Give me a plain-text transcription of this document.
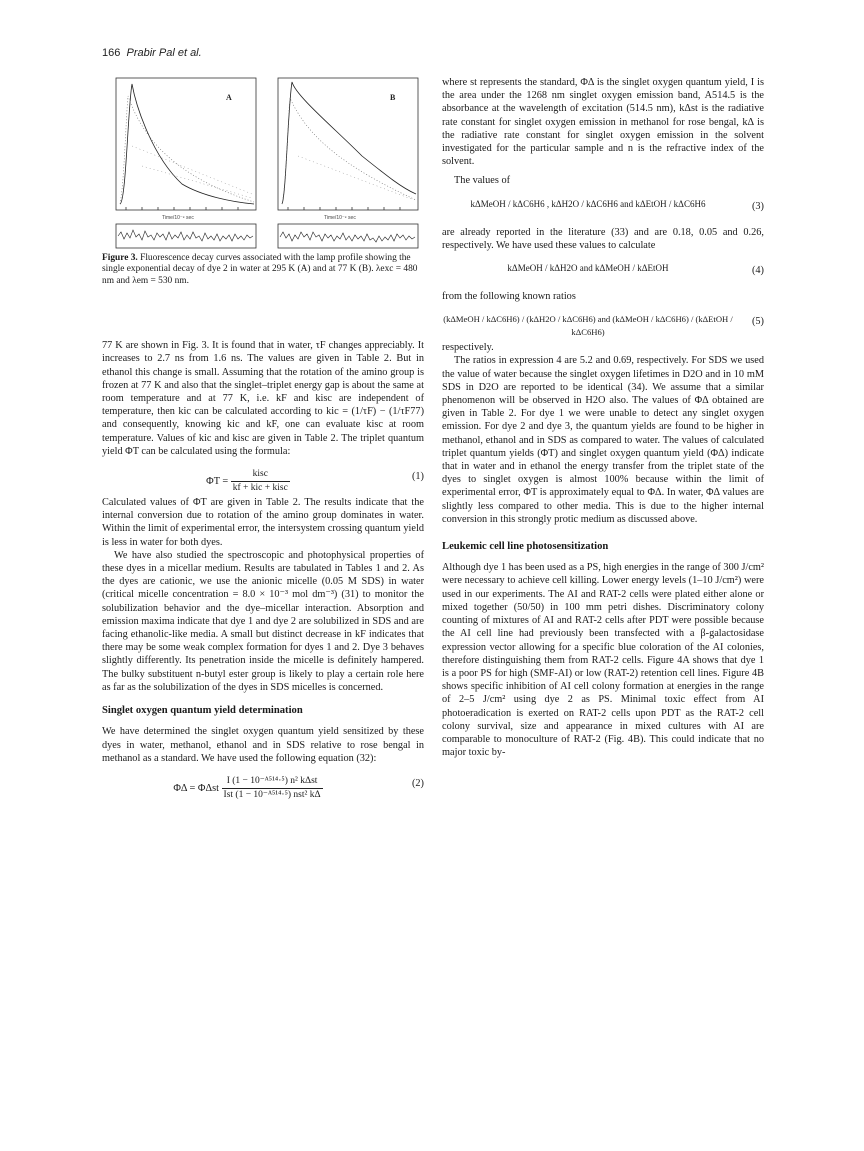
166 Prabir Pal et al.
A
Time/10⁻⁹ sec
B
Time/10⁻⁹ sec

Figure 3. Fluorescence decay curves associated with the lamp profile showing the single exponential decay of dye 2 in water at 295 K (A) and at 77 K (B). λexc = 480 nm and λem = 530 nm.

77 K are shown in Fig. 3. It is found that in water, τF changes appreciably. It increases to 2.7 ns from 1.6 ns. The values are given in Table 2. But in ethanol this change is small. Assuming that the rotation of the amino group is frozen at 77 K and also that the singlet–triplet energy gap is about the same at room temperature and at 77 K, i.e. kF and kisc are independent of temperature, then kic can be calculated according to kic = (1/τF) − (1/τF77) and consequently, knowing kic and kF, one can evaluate kisc at room temperature. Values of kic and kisc are given in Table 2. The triplet quantum yield ΦT can be calculated using the formula:

$\Phi T = \frac{\text{kisc}}{\text{kf + kic + kisc}}$	(1)

Calculated values of ΦT are given in Table 2. The results indicate that the internal conversion due to rotation of the amino group dominates in water. Within the limit of experimental error, the intersystem crossing quantum yield is less in water for both dyes.

We have also studied the spectroscopic and photophysical properties of these dyes in a micellar medium. Results are tabulated in Tables 1 and 2. As the dyes are cationic, we use the anionic micelle (0.05 M SDS) in water (critical micelle concentration = 8.0 × 10⁻³ mol dm⁻³) (31) to monitor the solubilization behavior and the dye–micellar interaction. Absorption and emission maxima indicate that dye 1 and dye 2 are solubilized in SDS and are facing ethanolic-like media. A small but distinct decrease in kF indicates that there may be some weak complex formation for dyes 1 and 2. Dye 3 behaves slightly differently. Its penetration inside the micelle is definitely hampered. The bulky substituent n-butyl ester group is likely to play a certain role here as far as the solubilization of the dyes in SDS micelles is concerned.

Singlet oxygen quantum yield determination

We have determined the singlet oxygen quantum yield sensitized by these dyes in water, methanol, ethanol and in SDS relative to rose bengal in methanol as a standard. We have used the following equation (32):

ΦΔ = ΦΔst $\frac{\text{I (1 − 10⁻ᴬ⁵¹⁴·⁵) n² kΔst}}{\text{Ist (1 − 10⁻ᴬ⁵¹⁴·⁵) nst² kΔ}}$	(2)

where st represents the standard, ΦΔ is the singlet oxygen quantum yield, I is the area under the 1268 nm singlet oxygen emission band, A514.5 is the absorbance at the wavelength of excitation (514.5 nm), kΔst is the radiative rate constant for singlet oxygen emission in methanol for rose bengal, kΔ is the radiative rate constant for singlet oxygen emission in the solvent investigated for the particular sample and n is the refractive index of the solvent.

The values of

kΔMeOH / kΔC6H6 , kΔH2O / kΔC6H6 and kΔEtOH / kΔC6H6	(3)

are already reported in the literature (33) and are 0.18, 0.05 and 0.26, respectively. We have used these values to calculate

kΔMeOH / kΔH2O and kΔMeOH / kΔEtOH	(4)

from the following known ratios

(kΔMeOH / kΔC6H6) / (kΔH2O / kΔC6H6) and (kΔMeOH / kΔC6H6) / (kΔEtOH / kΔC6H6)
(5)

respectively.

The ratios in expression 4 are 5.2 and 0.69, respectively. For SDS we used the value of water because the singlet oxygen lifetimes in D2O and in 10 mM SDS in D2O are reported to be identical (34). We assume that a similar phenomenon will be observed in H2O also. The values of ΦΔ obtained are given in Table 2. For dye 1 we were unable to detect any singlet oxygen emission. For dye 2 and dye 3, the quantum yields are found to be higher in methanol, ethanol and in SDS as compared to water. The values of calculated triplet quantum yields (ΦT) and singlet oxygen quantum yield (ΦΔ) indicate that in water and in ethanol the energy transfer from the triplet state of the dyes to singlet oxygen is almost 100% because within the limit of experimental error, ΦT is approximately equal to ΦΔ. In water, ΦΔ values are slightly less compared to other media. This is due to the higher internal conversion in this strongly protic medium as discussed above.

Leukemic cell line photosensitization

Although dye 1 has been used as a PS, high energies in the range of 300 J/cm² were necessary to achieve cell killing. Lower energy levels (1–10 J/cm²) were used in our experiments. The AI and RAT-2 cells were plated either alone or mixed together (50/50) in 100 mm petri dishes. Discriminatory colony counting of mixtures of AI and RAT-2 cells after PDT were possible because the AI cell line had previously been transfected with a β-galactosidase expression vector allowing for a specific blue coloration of the AI colonies, therefore distinguishing them from RAT-2 cells. Figure 4A shows that dye 1 is a poor PS for high (SMF-AI) or low (RAT-2) retention cell lines. Figure 4B shows specific inhibition of AI cell colony formation at energies in the range of 2–5 J/cm² using dye 2 as PS. Minimal toxic effect from AI photoeradication is exerted on RAT-2 cells upon PDT as the RAT-2 cell colony survival, size and appearance in mixed cultures with AI are comparable to monoculture of RAT-2 (Fig. 4B). This could indicate that no major toxic by-
